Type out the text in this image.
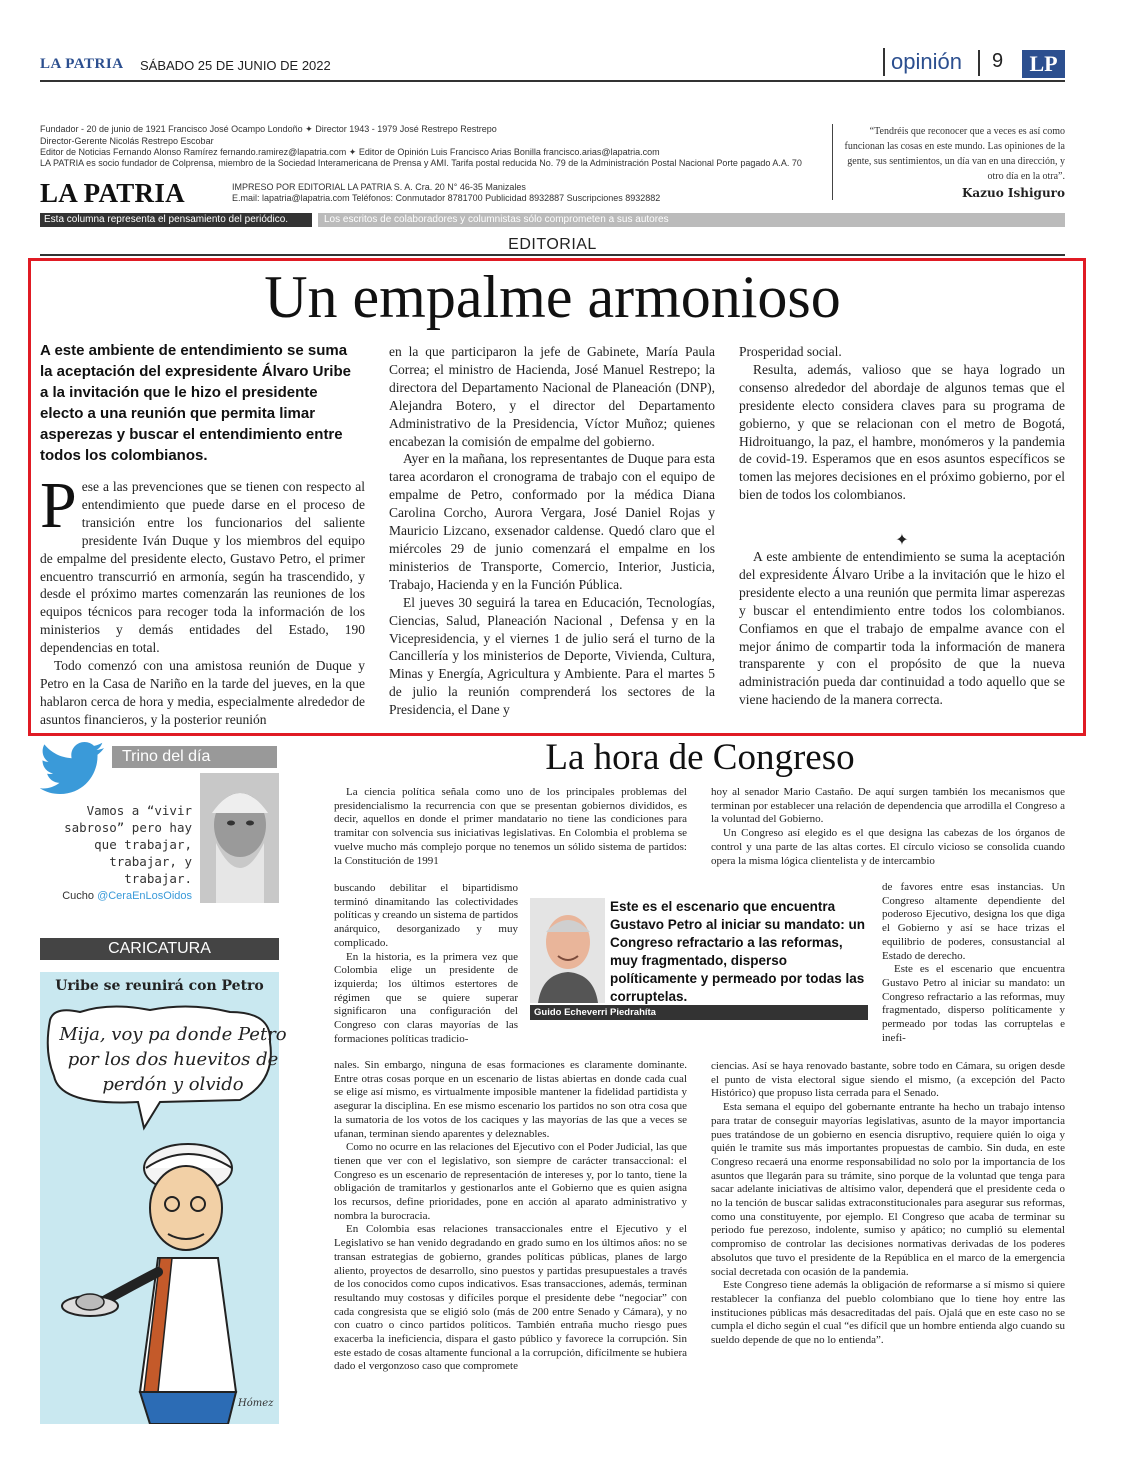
LA PATRIA SÁBADO 25 DE JUNIO DE 2022	opinión 9	LP
Fundador - 20 de junio de 1921 Francisco José Ocampo Londoño ✦ Director 1943 - 1979 José Restrepo Restrepo
Director-Gerente Nicolás Restrepo Escobar
Editor de Noticias Fernando Alonso Ramírez fernando.ramirez@lapatria.com ✦ Editor de Opinión Luis Francisco Arias Bonilla francisco.arias@lapatria.com
LA PATRIA es socio fundador de Colprensa, miembro de la Sociedad Interamericana de Prensa y AMI. Tarifa postal reducida No. 79 de la Administración Postal Nacional Porte pagado A.A. 70
LA PATRIA	IMPRESO POR EDITORIAL LA PATRIA S. A. Cra. 20 N° 46-35 Manizales
E.mail: lapatria@lapatria.com Teléfonos: Conmutador 8781700 Publicidad 8932887 Suscripciones 8932882
“Tendréis que reconocer que a veces es así como funcionan las cosas en este mundo. Las opiniones de la gente, sus sentimientos, un día van en una dirección, y otro día en la otra”.
Kazuo Ishiguro
Esta columna representa el pensamiento del periódico.	Los escritos de colaboradores y columnistas sólo comprometen a sus autores
EDITORIAL
Un empalme armonioso
A este ambiente de entendimiento se suma la aceptación del expresidente Álvaro Uribe a la invitación que le hizo el presidente electo a una reunión que permita limar asperezas y buscar el entendimiento entre todos los colombianos.

Pese a las prevenciones que se tienen con respecto al entendimiento que puede darse en el proceso de transición entre los funcionarios del saliente presidente Iván Duque y los miembros del equipo de empalme del presidente electo, Gustavo Petro, el primer encuentro transcurrió en armonía, según ha trascendido, y desde el próximo martes comenzarán las reuniones de los equipos técnicos para recoger toda la información de los ministerios y demás entidades del Estado, 190 dependencias en total.

Todo comenzó con una amistosa reunión de Duque y Petro en la Casa de Nariño en la tarde del jueves, en la que hablaron cerca de hora y media, especialmente alrededor de asuntos financieros, y la posterior reunión

en la que participaron la jefe de Gabinete, María Paula Correa; el ministro de Hacienda, José Manuel Restrepo; la directora del Departamento Nacional de Planeación (DNP), Alejandra Botero, y el director del Departamento Administrativo de la Presidencia, Víctor Muñoz; quienes encabezan la comisión de empalme del gobierno.

Ayer en la mañana, los representantes de Duque para esta tarea acordaron el cronograma de trabajo con el equipo de empalme de Petro, conformado por la médica Diana Carolina Corcho, Aurora Vergara, José Daniel Rojas y Mauricio Lizcano, exsenador caldense. Quedó claro que el miércoles 29 de junio comenzará el empalme en los ministerios de Transporte, Comercio, Interior, Justicia, Trabajo, Hacienda y en la Función Pública.

El jueves 30 seguirá la tarea en Educación, Tecnologías, Ciencias, Salud, Planeación Nacional , Defensa y en la Vicepresidencia, y el viernes 1 de julio será el turno de la Cancillería y los ministerios de Deporte, Vivienda, Cultura, Minas y Energía, Agricultura y Ambiente. Para el martes 5 de julio la reunión comprenderá los sectores de la Presidencia, el Dane y

Prosperidad social.

Resulta, además, valioso que se haya logrado un consenso alrededor del abordaje de algunos temas que el presidente electo considera claves para su programa de gobierno, y que se relacionan con el metro de Bogotá, Hidroituango, la paz, el hambre, monómeros y la pandemia de covid-19. Esperamos que en esos asuntos específicos se tomen las mejores decisiones en el próximo gobierno, por el bien de todos los colombianos.

✦

A este ambiente de entendimiento se suma la aceptación del expresidente Álvaro Uribe a la invitación que le hizo el presidente electo a una reunión que permita limar asperezas y buscar el entendimiento entre todos los colombianos. Confiamos en que el trabajo de empalme avance con el mejor ánimo de compartir toda la información de manera transparente y con el propósito de que la nueva administración pueda dar continuidad a todo aquello que se viene haciendo de la manera correcta.

Trino del día
Vamos a “vivir sabroso” pero hay que trabajar, trabajar, y trabajar.
Cucho @CeraEnLosOidos
CARICATURA
Uribe se reunirá con Petro
Mija, voy pa donde Petro por los dos huevitos de perdón y olvido
Hómez
La hora de Congreso

La ciencia política señala como uno de los principales problemas del presidencialismo la recurrencia con que se presentan gobiernos divididos, es decir, aquellos en donde el primer mandatario no tiene las condiciones para tramitar con solvencia sus iniciativas legislativas. En Colombia el problema se vuelve mucho más complejo porque no tenemos un sólido sistema de partidos: la Constitución de 1991

buscando debilitar el bipartidismo terminó dinamitando las colectividades políticas y creando un sistema de partidos anárquico, desorganizado y muy complicado.

En la historia, es la primera vez que Colombia elige un presidente de izquierda; los últimos estertores de régimen que se quiere superar significaron una configuración del Congreso con claras mayorías de las formaciones políticas tradicio-

nales. Sin embargo, ninguna de esas formaciones es claramente dominante. Entre otras cosas porque en un escenario de listas abiertas en donde cada cual se elige así mismo, es virtualmente imposible mantener la fidelidad partidista y asegurar la disciplina. En ese mismo escenario los partidos no son otra cosa que la sumatoria de los votos de los caciques y las mayorías de las que a veces se ufanan, terminan siendo aparentes y deleznables.

Como no ocurre en las relaciones del Ejecutivo con el Poder Judicial, las que tienen que ver con el legislativo, son siempre de carácter transaccional: el Congreso es un escenario de representación de intereses y, por lo tanto, tiene la obligación de tramitarlos y gestionarlos ante el Gobierno que es quien asigna los recursos, define prioridades, pone en acción al aparato administrativo y nombra la burocracia.

En Colombia esas relaciones transaccionales entre el Ejecutivo y el Legislativo se han venido degradando en grado sumo en los últimos años: no se transan estrategias de gobierno, grandes políticas públicas, planes de largo aliento, proyectos de desarrollo, sino puestos y partidas presupuestales a través de los conocidos como cupos indicativos. Esas transacciones, además, terminan resultando muy costosas y difíciles porque el presidente debe “negociar” con cada congresista que se eligió solo (más de 200 entre Senado y Cámara), y no con cuatro o cinco partidos políticos. También entraña mucho riesgo pues exacerba la ineficiencia, dispara el gasto público y favorece la corrupción. Sin este estado de cosas altamente funcional a la corrupción, difícilmente se hubiera dado el vergonzoso caso que compromete

hoy al senador Mario Castaño. De aquí surgen también los mecanismos que terminan por establecer una relación de dependencia que arrodilla el Congreso a la voluntad del Gobierno.

Un Congreso así elegido es el que designa las cabezas de los órganos de control y una parte de las altas cortes. El círculo vicioso se consolida cuando opera la misma lógica clientelista y de intercambio

de favores entre esas instancias. Un Congreso altamente dependiente del poderoso Ejecutivo, designa los que diga el Gobierno y así se hace trizas el equilibrio de poderes, consustancial al Estado de derecho.

Este es el escenario que encuentra Gustavo Petro al iniciar su mandato: un Congreso refractario a las reformas, muy fragmentado, disperso políticamente y permeado por todas las corruptelas e inefi-

ciencias. Así se haya renovado bastante, sobre todo en Cámara, su origen desde el punto de vista electoral sigue siendo el mismo, (a excepción del Pacto Histórico) que propuso lista cerrada para el Senado.

Esta semana el equipo del gobernante entrante ha hecho un trabajo intenso para tratar de conseguir mayorías legislativas, asunto de la mayor importancia pues tratándose de un gobierno en esencia disruptivo, requiere quién lo oiga y quién le tramite sus más importantes propuestas de cambio. Sin duda, en este Congreso recaerá una enorme responsabilidad no solo por la importancia de los asuntos que llegarán para su trámite, sino porque de la voluntad que tenga para sacar adelante iniciativas de altísimo valor, dependerá que el presidente ceda o no la tención de buscar salidas extraconstitucionales para asegurar sus reformas, como una constituyente, por ejemplo. El Congreso que acaba de terminar su periodo fue perezoso, indolente, sumiso y apático; no cumplió su elemental compromiso de controlar las decisiones normativas derivadas de los poderes absolutos que tuvo el presidente de la República en el marco de la emergencia social decretada con ocasión de la pandemia.

Este Congreso tiene además la obligación de reformarse a sí mismo si quiere restablecer la confianza del pueblo colombiano que lo tiene hoy entre las instituciones públicas más desacreditadas del país. Ojalá que en este caso no se cumpla el dicho según el cual “es difícil que un hombre entienda algo cuando su sueldo depende de que no lo entienda”.

Este es el escenario que encuentra Gustavo Petro al iniciar su mandato: un Congreso refractario a las reformas, muy fragmentado, disperso políticamente y permeado por todas las corruptelas.
Guido Echeverri Piedrahíta
